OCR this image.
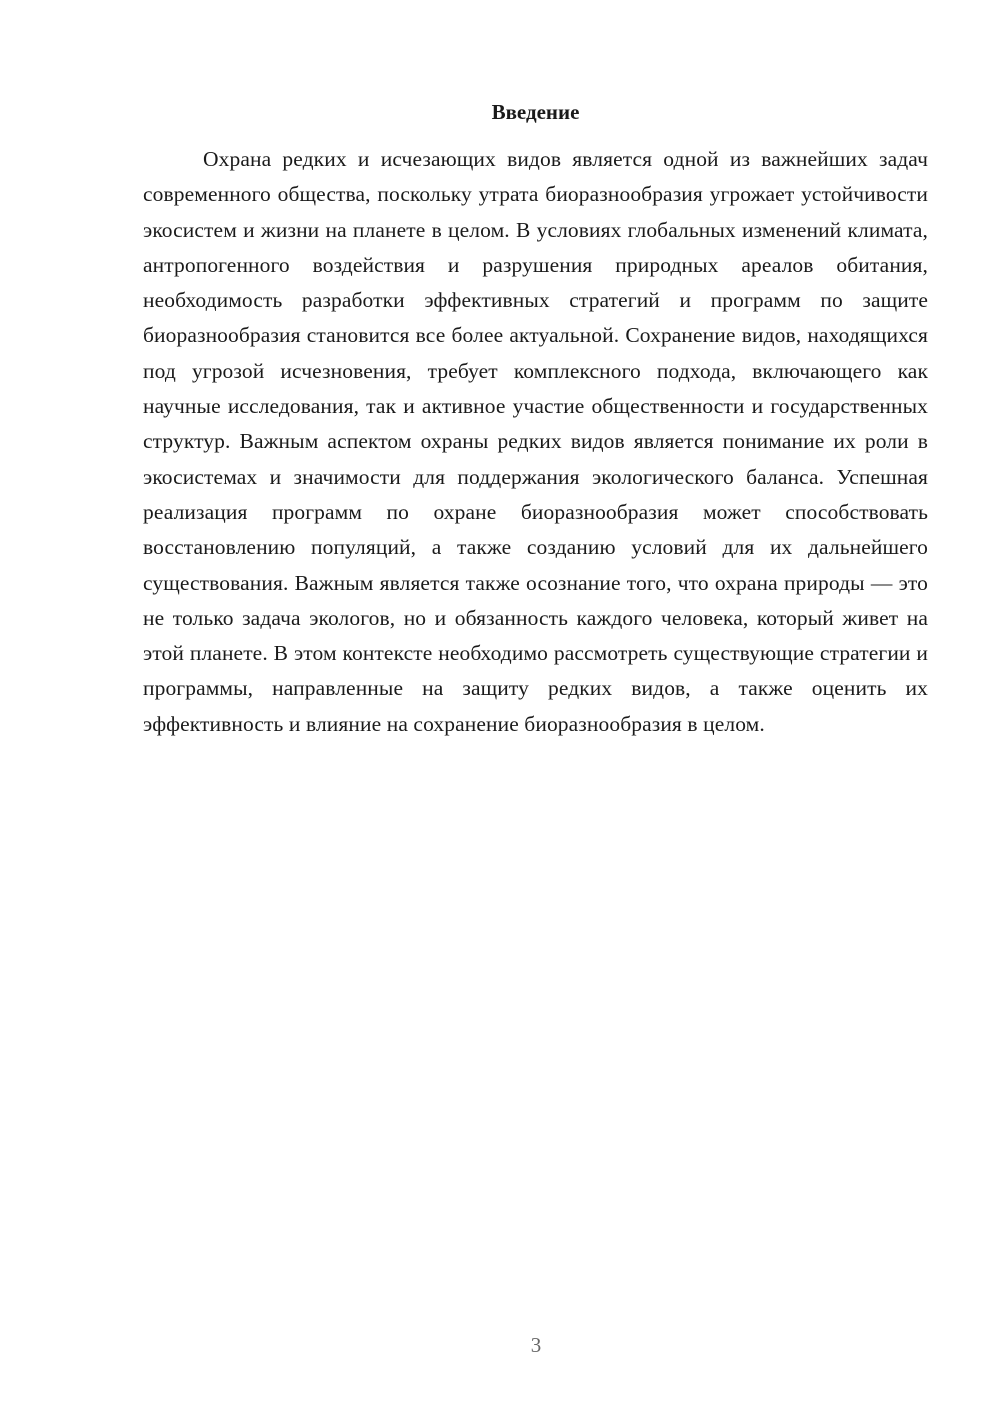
Введение

Охрана редких и исчезающих видов является одной из важнейших задач современного общества, поскольку утрата биоразнообразия угрожает устойчивости экосистем и жизни на планете в целом. В условиях глобальных изменений климата, антропогенного воздействия и разрушения природных ареалов обитания, необходимость разработки эффективных стратегий и программ по защите биоразнообразия становится все более актуальной. Сохранение видов, находящихся под угрозой исчезновения, требует комплексного подхода, включающего как научные исследования, так и активное участие общественности и государственных структур. Важным аспектом охраны редких видов является понимание их роли в экосистемах и значимости для поддержания экологического баланса. Успешная реализация программ по охране биоразнообразия может способствовать восстановлению популяций, а также созданию условий для их дальнейшего существования. Важным является также осознание того, что охрана природы — это не только задача экологов, но и обязанность каждого человека, который живет на этой планете. В этом контексте необходимо рассмотреть существующие стратегии и программы, направленные на защиту редких видов, а также оценить их эффективность и влияние на сохранение биоразнообразия в целом.

3
